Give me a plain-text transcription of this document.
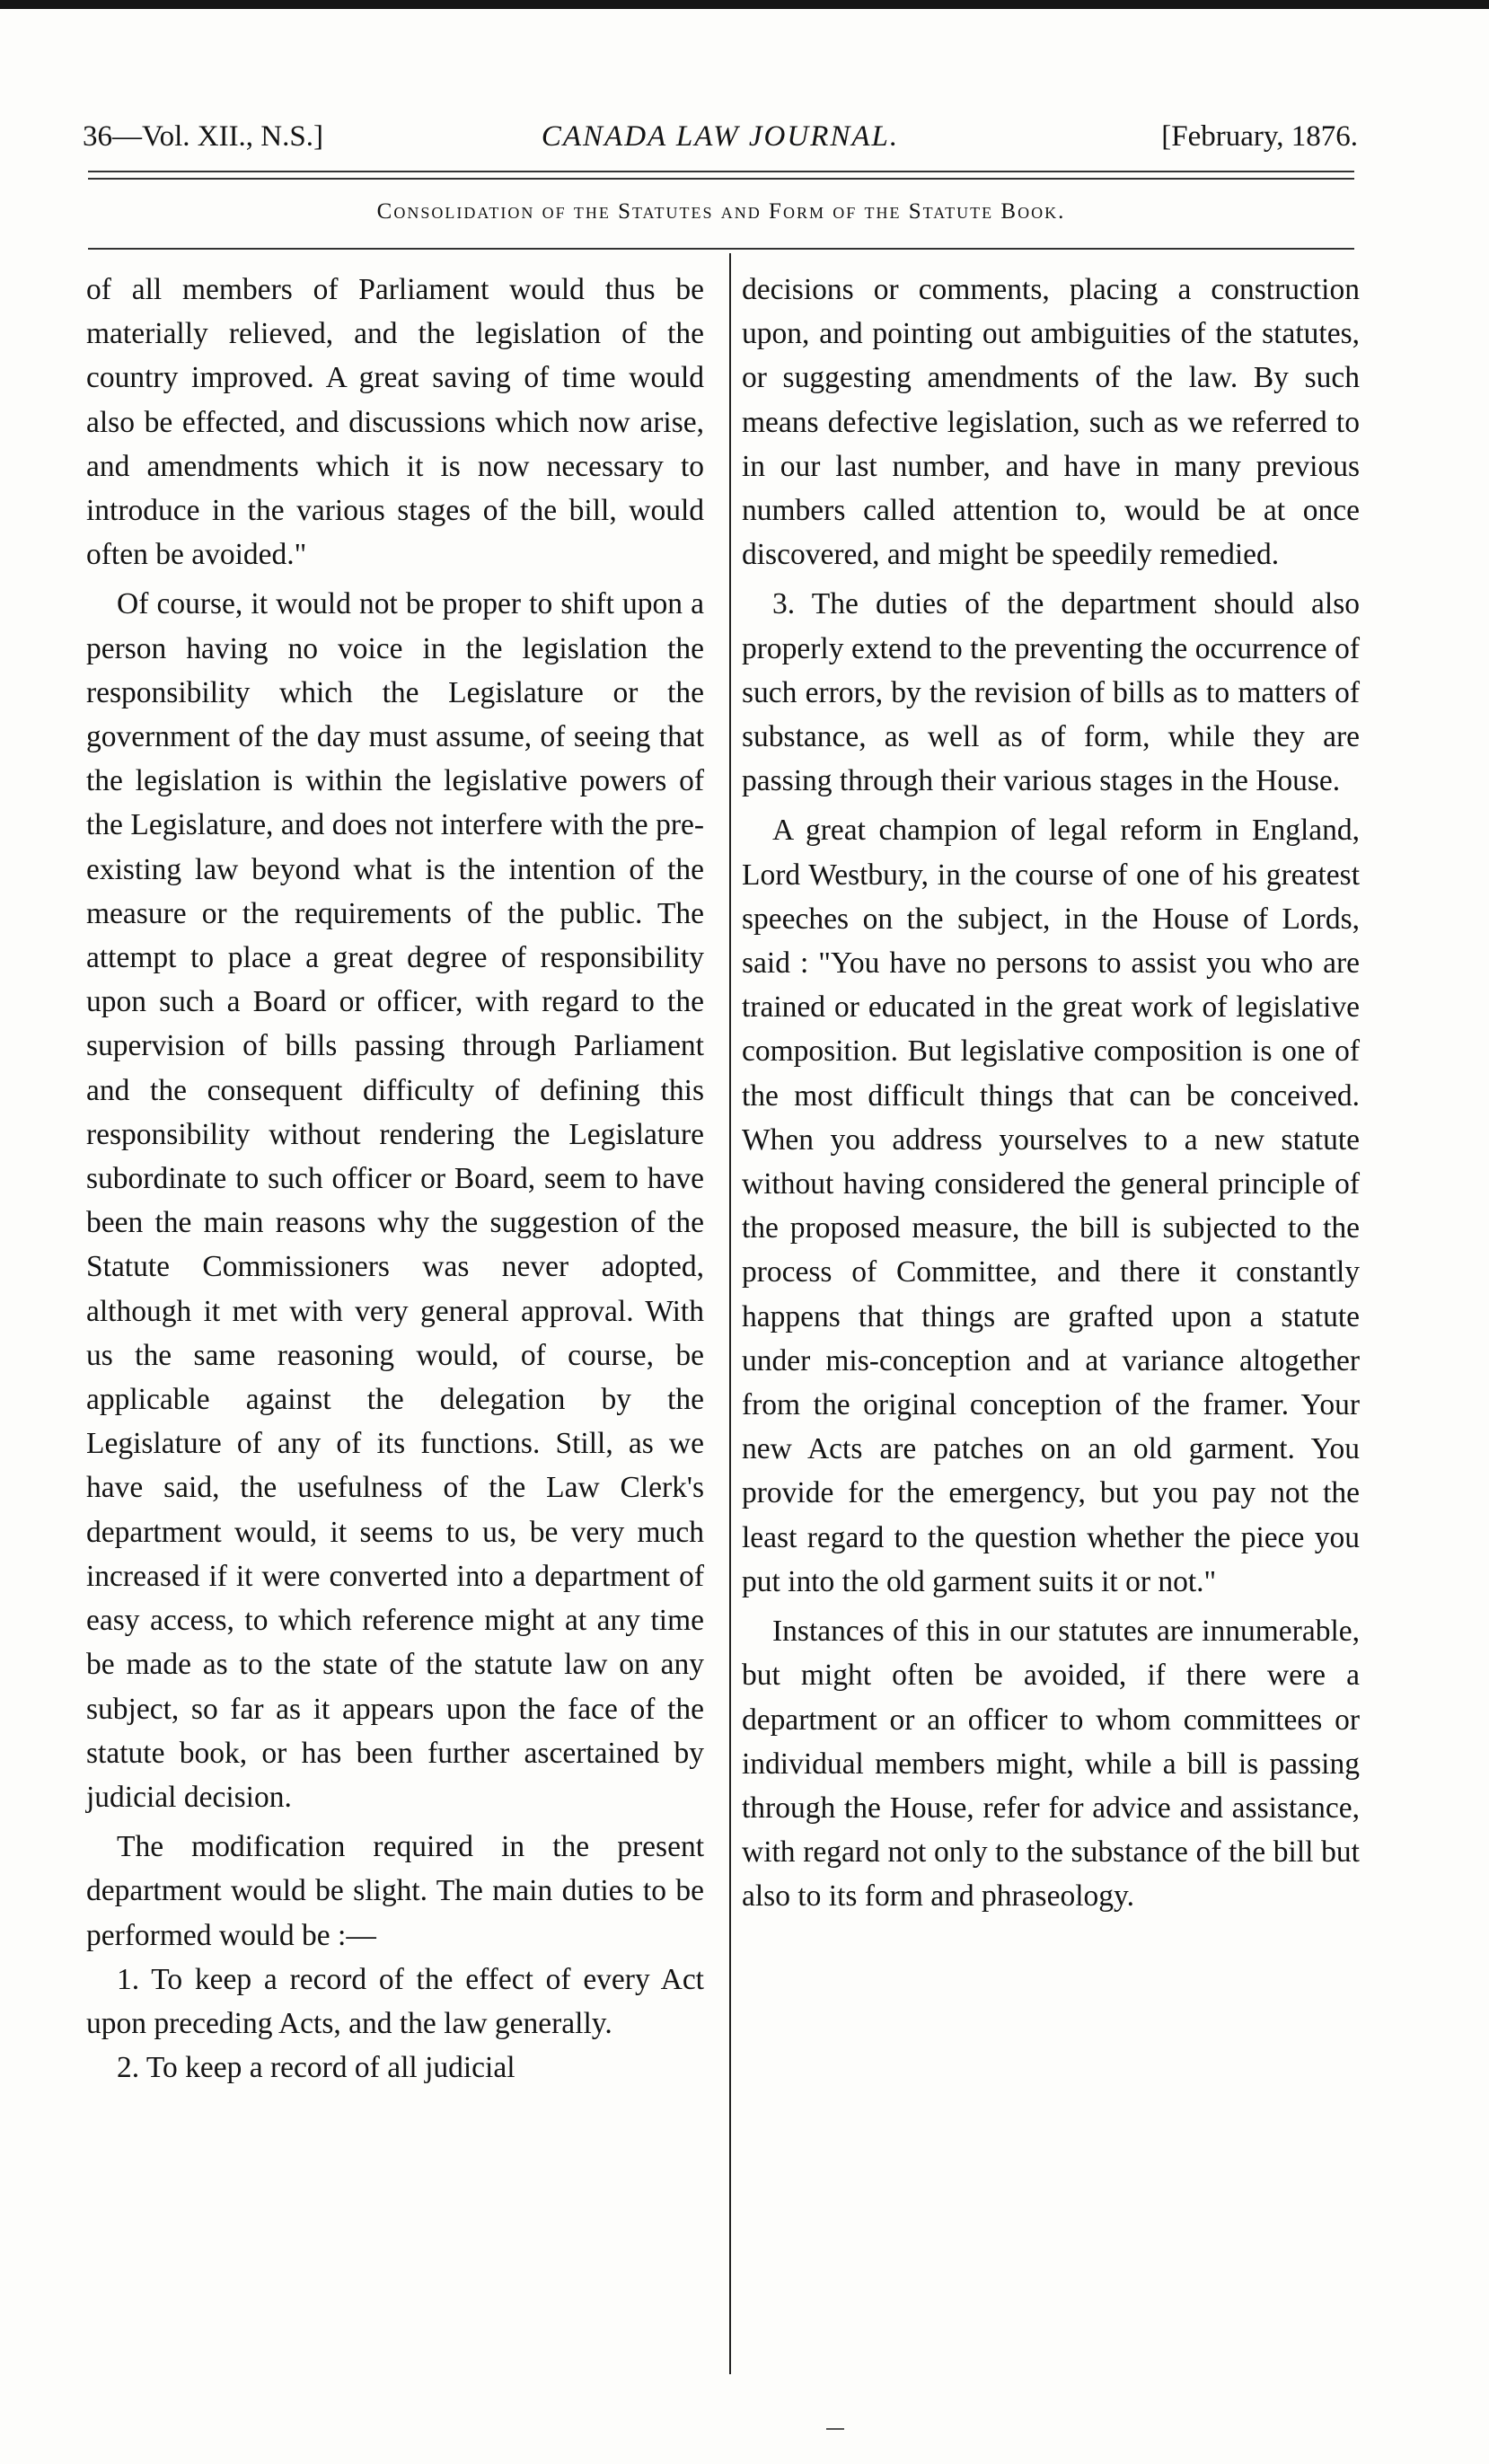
36—Vol. XII., N.S.]	CANADA LAW JOURNAL.	[February, 1876.
Consolidation of the Statutes and Form of the Statute Book.

of all members of Parliament would thus be materially relieved, and the legislation of the country improved. A great saving of time would also be effected, and discussions which now arise, and amendments which it is now necessary to introduce in the various stages of the bill, would often be avoided."

Of course, it would not be proper to shift upon a person having no voice in the legislation the responsibility which the Legislature or the government of the day must assume, of seeing that the legislation is within the legislative powers of the Legislature, and does not interfere with the pre-existing law beyond what is the intention of the measure or the requirements of the public. The attempt to place a great degree of responsibility upon such a Board or officer, with regard to the supervision of bills passing through Parliament and the consequent difficulty of defining this responsibility without rendering the Legislature subordinate to such officer or Board, seem to have been the main reasons why the suggestion of the Statute Commissioners was never adopted, although it met with very general approval. With us the same reasoning would, of course, be applicable against the delegation by the Legislature of any of its functions. Still, as we have said, the usefulness of the Law Clerk's department would, it seems to us, be very much increased if it were converted into a department of easy access, to which reference might at any time be made as to the state of the statute law on any subject, so far as it appears upon the face of the statute book, or has been further ascertained by judicial decision.

The modification required in the present department would be slight. The main duties to be performed would be :—

1. To keep a record of the effect of every Act upon preceding Acts, and the law generally.

2. To keep a record of all judicial

decisions or comments, placing a construction upon, and pointing out ambiguities of the statutes, or suggesting amendments of the law. By such means defective legislation, such as we referred to in our last number, and have in many previous numbers called attention to, would be at once discovered, and might be speedily remedied.

3. The duties of the department should also properly extend to the preventing the occurrence of such errors, by the revision of bills as to matters of substance, as well as of form, while they are passing through their various stages in the House.

A great champion of legal reform in England, Lord Westbury, in the course of one of his greatest speeches on the subject, in the House of Lords, said : "You have no persons to assist you who are trained or educated in the great work of legislative composition. But legislative composition is one of the most difficult things that can be conceived. When you address yourselves to a new statute without having considered the general principle of the proposed measure, the bill is subjected to the process of Committee, and there it constantly happens that things are grafted upon a statute under mis-conception and at variance altogether from the original conception of the framer. Your new Acts are patches on an old garment. You provide for the emergency, but you pay not the least regard to the question whether the piece you put into the old garment suits it or not."

Instances of this in our statutes are innumerable, but might often be avoided, if there were a department or an officer to whom committees or individual members might, while a bill is passing through the House, refer for advice and assistance, with regard not only to the substance of the bill but also to its form and phraseology.
